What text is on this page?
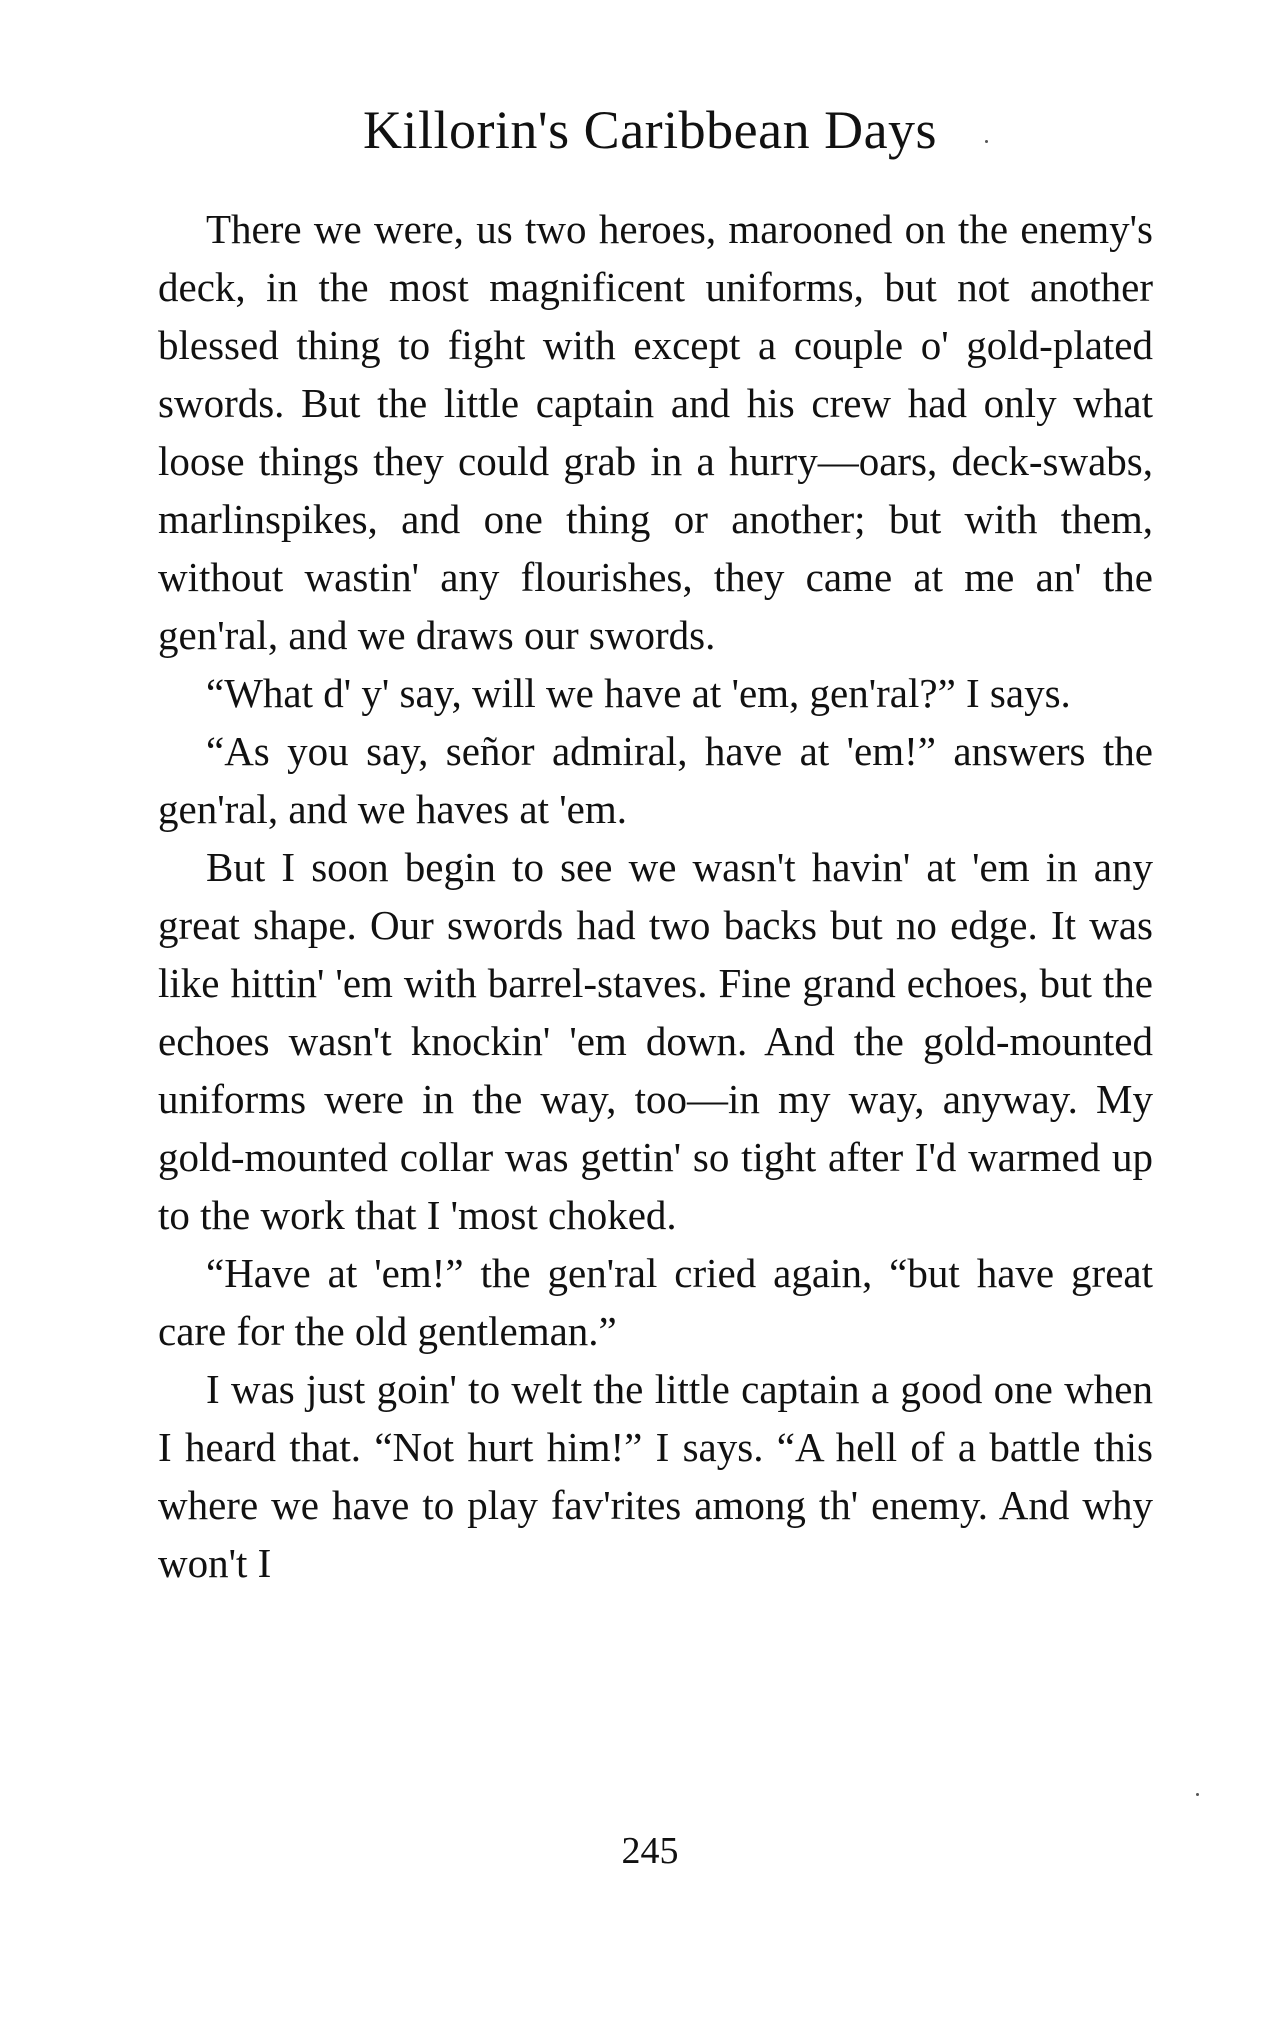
Killorin's Caribbean Days

There we were, us two heroes, marooned on the enemy's deck, in the most magnificent uniforms, but not another blessed thing to fight with except a couple o' gold-plated swords. But the little captain and his crew had only what loose things they could grab in a hurry—oars, deck-swabs, marlinspikes, and one thing or another; but with them, without wastin' any flourishes, they came at me an' the gen'ral, and we draws our swords.

“What d' y' say, will we have at 'em, gen'ral?” I says.

“As you say, señor admiral, have at 'em!” answers the gen'ral, and we haves at 'em.

But I soon begin to see we wasn't havin' at 'em in any great shape. Our swords had two backs but no edge. It was like hittin' 'em with barrel-staves. Fine grand echoes, but the echoes wasn't knockin' 'em down. And the gold-mounted uniforms were in the way, too—in my way, anyway. My gold-mounted collar was gettin' so tight after I'd warmed up to the work that I 'most choked.

“Have at 'em!” the gen'ral cried again, “but have great care for the old gentleman.”

I was just goin' to welt the little captain a good one when I heard that. “Not hurt him!” I says. “A hell of a battle this where we have to play fav'rites among th' enemy. And why won't I

245
